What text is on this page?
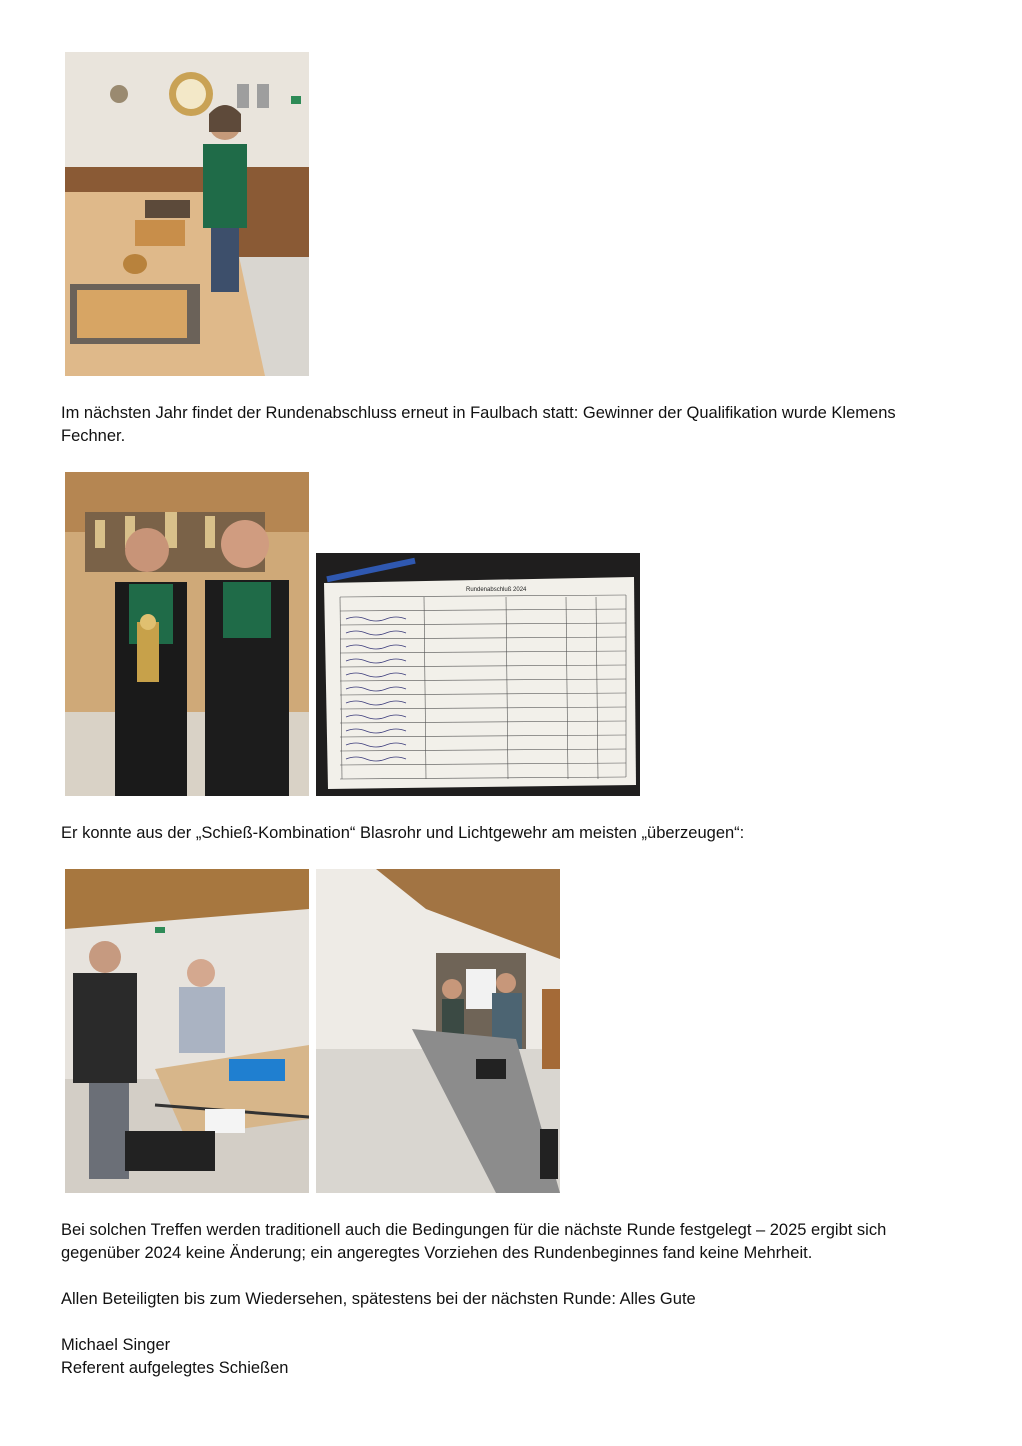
Im nächsten Jahr findet der Rundenabschluss erneut in Faulbach statt: Gewinner der Qualifikation wurde Klemens
Fechner.

Rundenabschluß 2024

Er konnte aus der „Schieß-Kombination“ Blasrohr und Lichtgewehr am meisten „überzeugen“:

Bei solchen Treffen werden traditionell auch die Bedingungen für die nächste Runde festgelegt – 2025 ergibt sich
gegenüber 2024 keine Änderung; ein angeregtes Vorziehen des Rundenbeginnes fand keine Mehrheit.

Allen Beteiligten bis zum Wiedersehen, spätestens bei der nächsten Runde: Alles Gute

Michael Singer
Referent aufgelegtes Schießen
